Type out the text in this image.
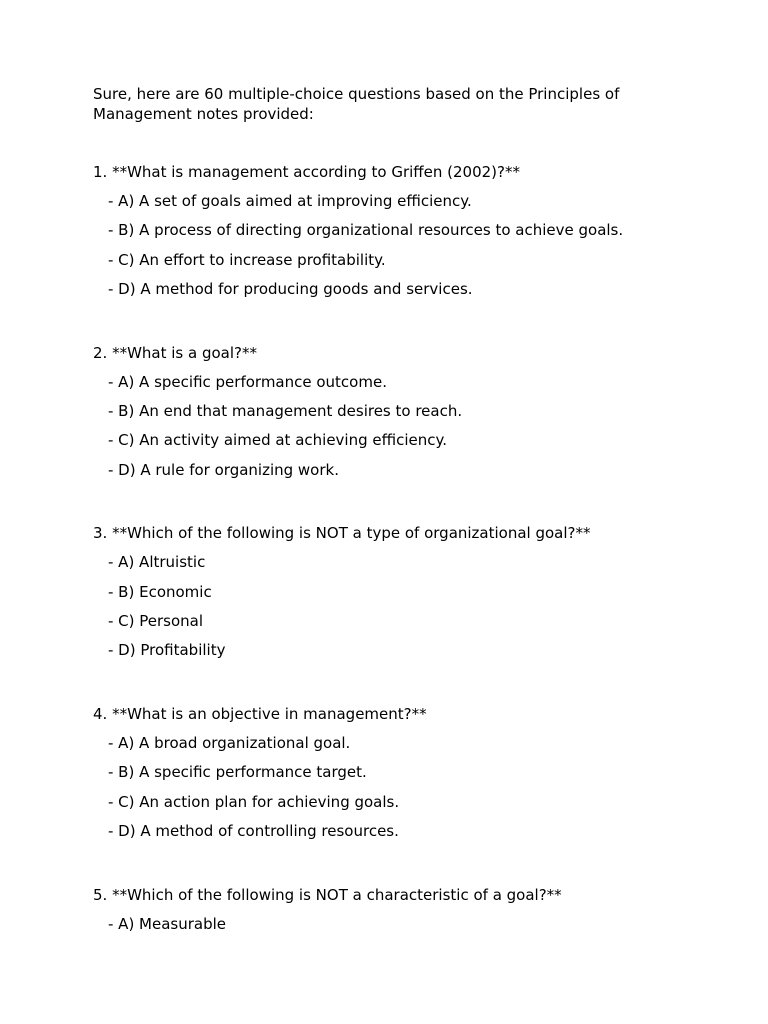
Sure, here are 60 multiple-choice questions based on the Principles of
Management notes provided:

1. **What is management according to Griffen (2002)?**

- A) A set of goals aimed at improving efficiency.
- B) A process of directing organizational resources to achieve goals.
- C) An effort to increase profitability.
- D) A method for producing goods and services.

2. **What is a goal?**

- A) A specific performance outcome.
- B) An end that management desires to reach.
- C) An activity aimed at achieving efficiency.
- D) A rule for organizing work.

3. **Which of the following is NOT a type of organizational goal?**

- A) Altruistic
- B) Economic
- C) Personal
- D) Profitability

4. **What is an objective in management?**

- A) A broad organizational goal.
- B) A specific performance target.
- C) An action plan for achieving goals.
- D) A method of controlling resources.

5. **Which of the following is NOT a characteristic of a goal?**

- A) Measurable
